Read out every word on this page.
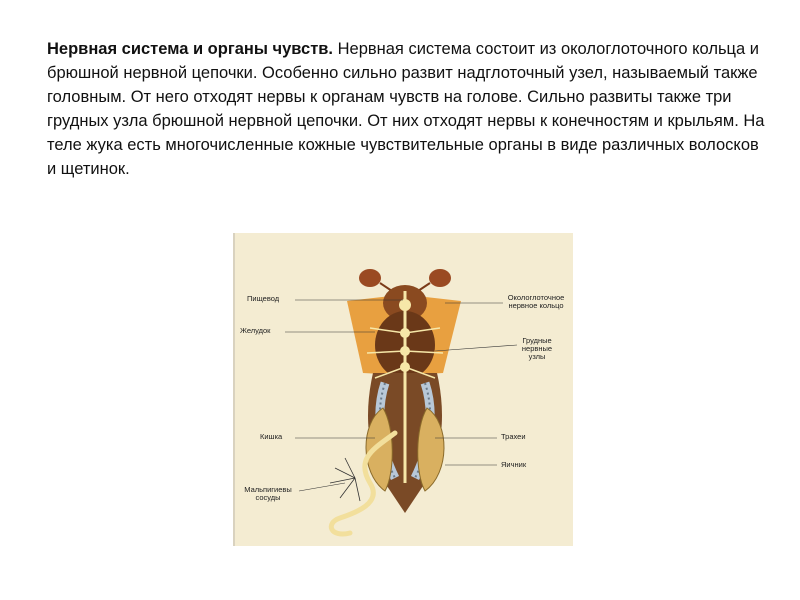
Нервная система и органы чувств. Нервная система состоит из окологлоточного кольца и брюшной нервной цепочки. Особенно сильно развит надглоточный узел, называемый также головным. От него отходят нервы к органам чувств на голове. Сильно развиты также три грудных узла брюшной нервной цепочки. От них отходят нервы к конечностям и крыльям. На теле жука есть многочисленные кожные чувствительные органы в виде различных волосков и щетинок.
Пищевод
Желудок
Кишка
Мальпигиевы сосуды
Окологлоточное нервное кольцо
Грудные нервные узлы
Трахеи
Яичник
